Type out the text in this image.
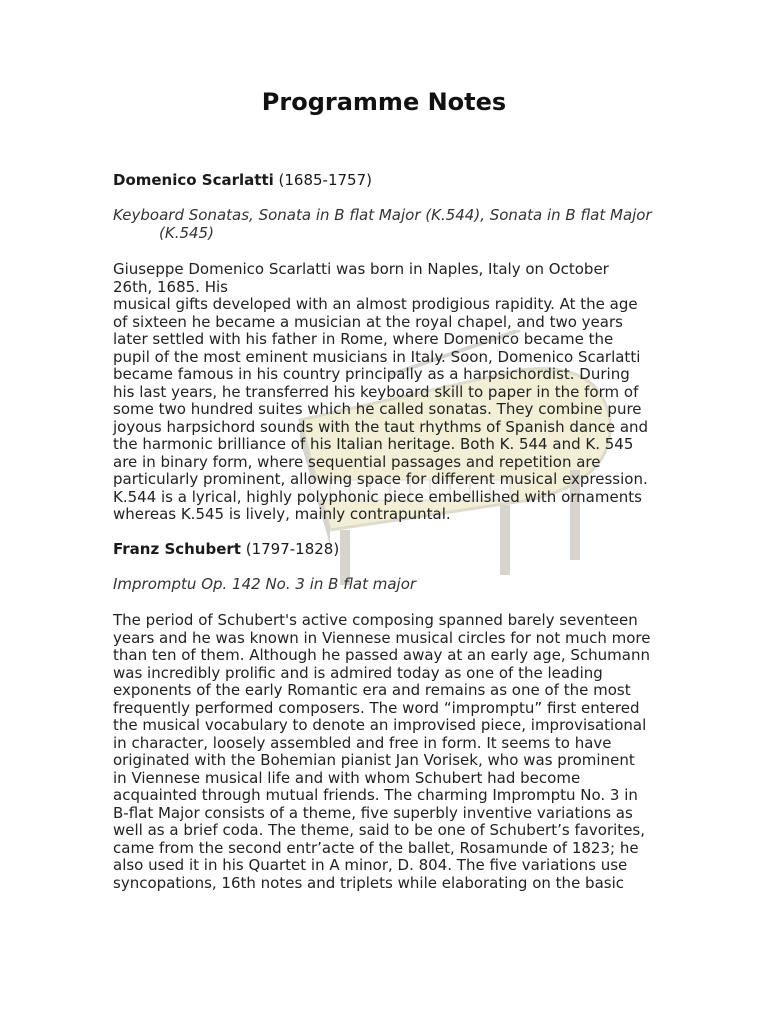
Programme Notes

Domenico Scarlatti (1685-1757)

Keyboard Sonatas, Sonata in B flat Major (K.544), Sonata in B flat Major (K.545)

Giuseppe Domenico Scarlatti was born in Naples, Italy on October
26th, 1685. His
musical gifts developed with an almost prodigious rapidity. At the age
of sixteen he became a musician at the royal chapel, and two years
later settled with his father in Rome, where Domenico became the
pupil of the most eminent musicians in Italy. Soon, Domenico Scarlatti
became famous in his country principally as a harpsichordist. During
his last years, he transferred his keyboard skill to paper in the form of
some two hundred suites which he called sonatas. They combine pure
joyous harpsichord sounds with the taut rhythms of Spanish dance and
the harmonic brilliance of his Italian heritage. Both K. 544 and K. 545
are in binary form, where sequential passages and repetition are
particularly prominent, allowing space for different musical expression.
K.544 is a lyrical, highly polyphonic piece embellished with ornaments
whereas K.545 is lively, mainly contrapuntal.

Franz Schubert (1797-1828)

Impromptu Op. 142 No. 3 in B flat major

The period of Schubert's active composing spanned barely seventeen
years and he was known in Viennese musical circles for not much more
than ten of them. Although he passed away at an early age, Schumann
was incredibly prolific and is admired today as one of the leading
exponents of the early Romantic era and remains as one of the most
frequently performed composers. The word “impromptu” first entered
the musical vocabulary to denote an improvised piece, improvisational
in character, loosely assembled and free in form. It seems to have
originated with the Bohemian pianist Jan Vorisek, who was prominent
in Viennese musical life and with whom Schubert had become
acquainted through mutual friends. The charming Impromptu No. 3 in
B-flat Major consists of a theme, five superbly inventive variations as
well as a brief coda. The theme, said to be one of Schubert’s favorites,
came from the second entr’acte of the ballet, Rosamunde of 1823; he
also used it in his Quartet in A minor, D. 804. The five variations use
syncopations, 16th notes and triplets while elaborating on the basic
